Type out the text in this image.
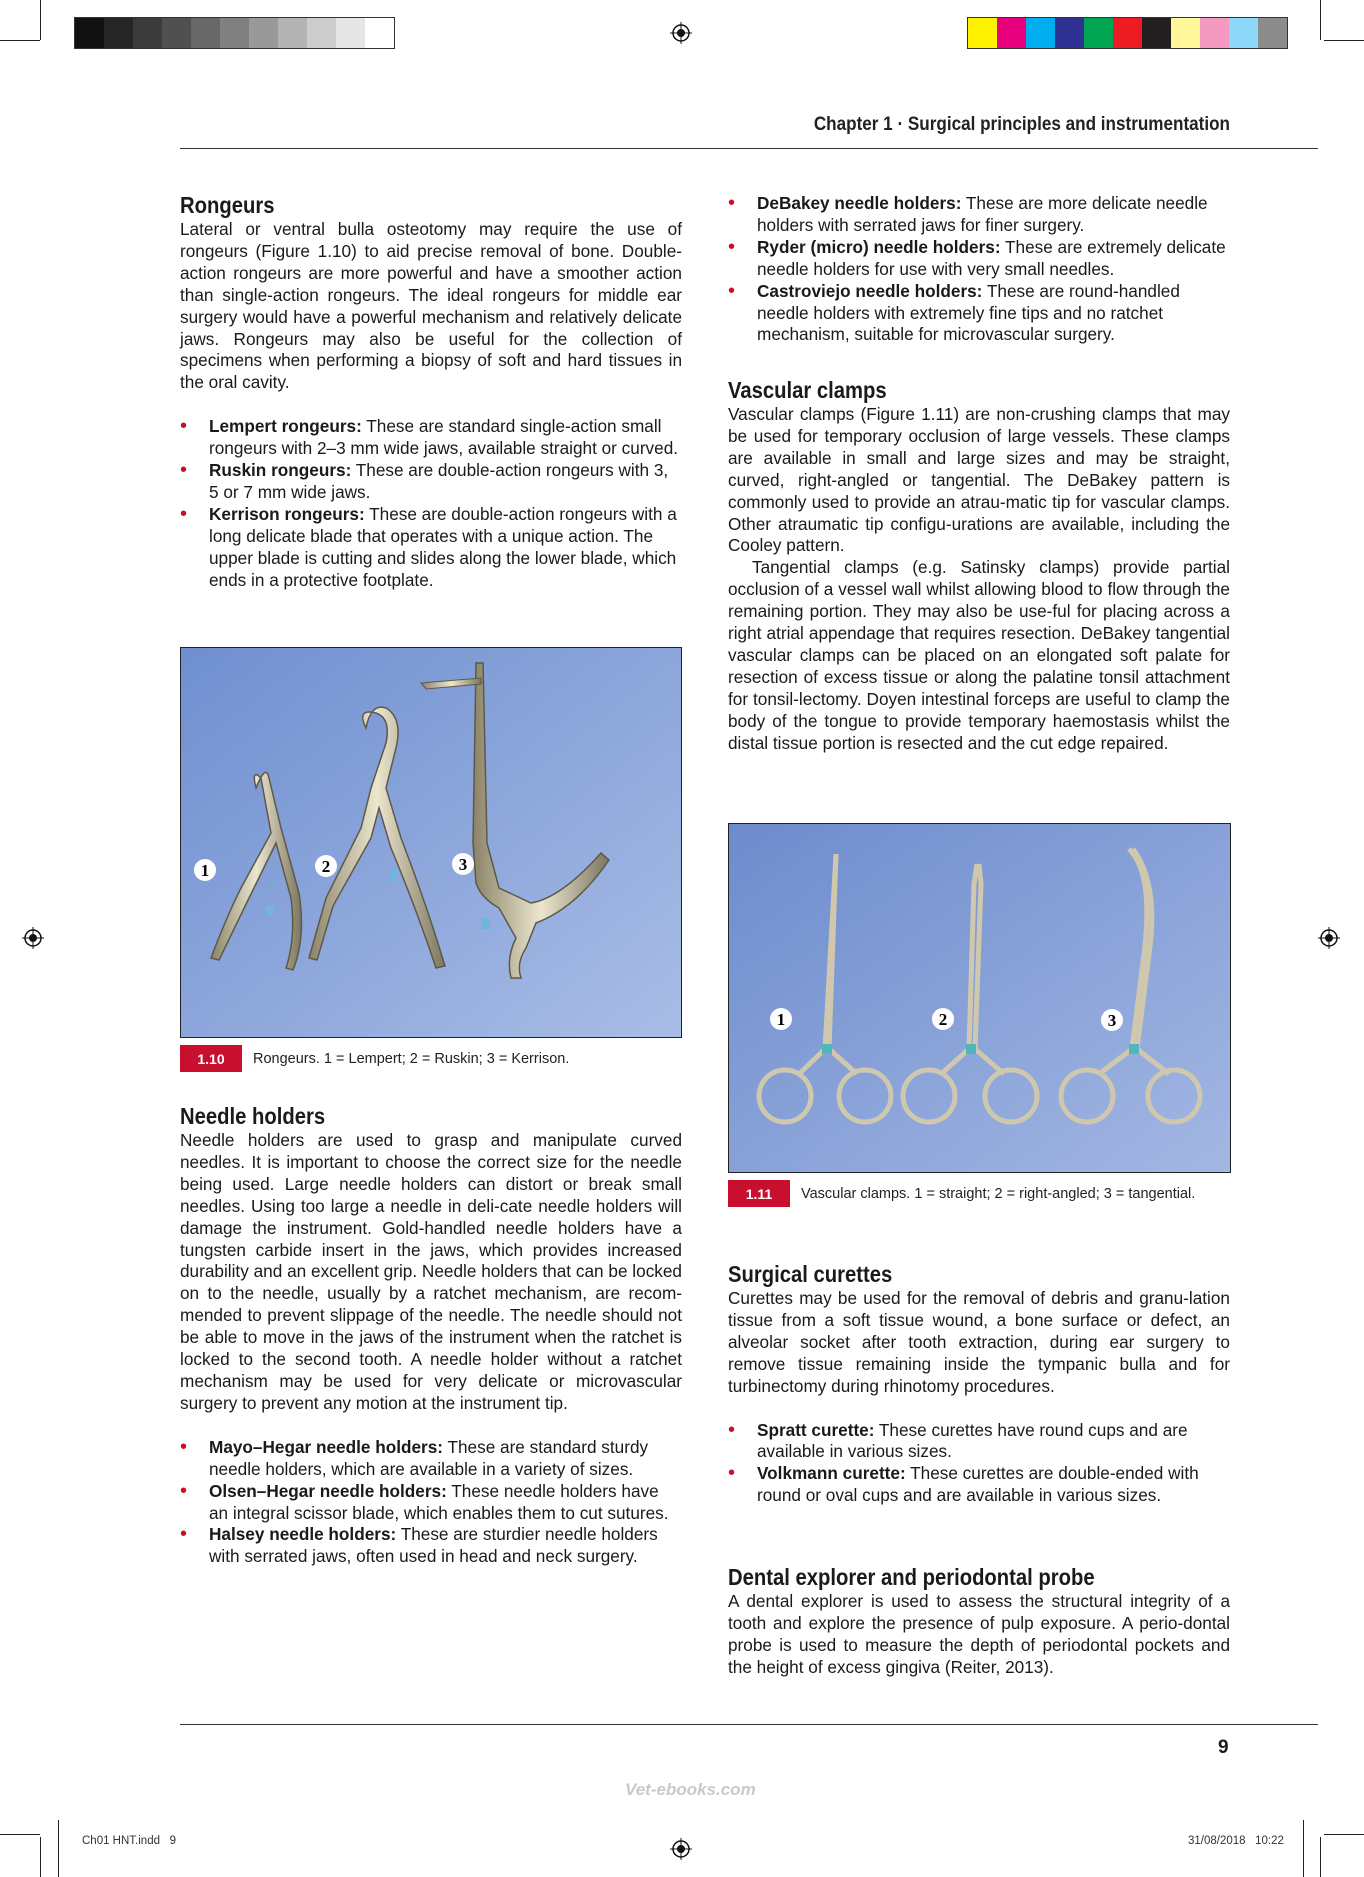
Chapter 1 · Surgical principles and instrumentation
Rongeurs

Lateral or ventral bulla osteotomy may require the use of rongeurs (Figure 1.10) to aid precise removal of bone. Double-action rongeurs are more powerful and have a smoother action than single-action rongeurs. The ideal rongeurs for middle ear surgery would have a powerful mechanism and relatively delicate jaws. Rongeurs may also be useful for the collection of specimens when performing a biopsy of soft and hard tissues in the oral cavity.

• Lempert rongeurs: These are standard single-action small rongeurs with 2–3 mm wide jaws, available straight or curved.
• Ruskin rongeurs: These are double-action rongeurs with 3, 5 or 7 mm wide jaws.
• Kerrison rongeurs: These are double-action rongeurs with a long delicate blade that operates with a unique action. The upper blade is cutting and slides along the lower blade, which ends in a protective footplate.
1	2	3
1.10	Rongeurs. 1 = Lempert; 2 = Ruskin; 3 = Kerrison.
Needle holders

Needle holders are used to grasp and manipulate curved needles. It is important to choose the correct size for the needle being used. Large needle holders can distort or break small needles. Using too large a needle in deli-cate needle holders will damage the instrument. Gold-handled needle holders have a tungsten carbide insert in the jaws, which provides increased durability and an excellent grip. Needle holders that can be locked on to the needle, usually by a ratchet mechanism, are recom-mended to prevent slippage of the needle. The needle should not be able to move in the jaws of the instrument when the ratchet is locked to the second tooth. A needle holder without a ratchet mechanism may be used for very delicate or microvascular surgery to prevent any motion at the instrument tip.

• Mayo–Hegar needle holders: These are standard sturdy needle holders, which are available in a variety of sizes.
• Olsen–Hegar needle holders: These needle holders have an integral scissor blade, which enables them to cut sutures.
• Halsey needle holders: These are sturdier needle holders with serrated jaws, often used in head and neck surgery.
• DeBakey needle holders: These are more delicate needle holders with serrated jaws for finer surgery.
• Ryder (micro) needle holders: These are extremely delicate needle holders for use with very small needles.
• Castroviejo needle holders: These are round-handled needle holders with extremely fine tips and no ratchet mechanism, suitable for microvascular surgery.
Vascular clamps

Vascular clamps (Figure 1.11) are non-crushing clamps that may be used for temporary occlusion of large vessels. These clamps are available in small and large sizes and may be straight, curved, right-angled or tangential. The DeBakey pattern is commonly used to provide an atrau-matic tip for vascular clamps. Other atraumatic tip configu-urations are available, including the Cooley pattern.

Tangential clamps (e.g. Satinsky clamps) provide partial occlusion of a vessel wall whilst allowing blood to flow through the remaining portion. They may also be use-ful for placing across a right atrial appendage that requires resection. DeBakey tangential vascular clamps can be placed on an elongated soft palate for resection of excess tissue or along the palatine tonsil attachment for tonsil-lectomy. Doyen intestinal forceps are useful to clamp the body of the tongue to provide temporary haemostasis whilst the distal tissue portion is resected and the cut edge repaired.

1	2	3
1.11	Vascular clamps. 1 = straight; 2 = right-angled; 3 = tangential.
Surgical curettes

Curettes may be used for the removal of debris and granu-lation tissue from a soft tissue wound, a bone surface or defect, an alveolar socket after tooth extraction, during ear surgery to remove tissue remaining inside the tympanic bulla and for turbinectomy during rhinotomy procedures.

• Spratt curette: These curettes have round cups and are available in various sizes.
• Volkmann curette: These curettes are double-ended with round or oval cups and are available in various sizes.
Dental explorer and periodontal probe

A dental explorer is used to assess the structural integrity of a tooth and explore the presence of pulp exposure. A perio-dontal probe is used to measure the depth of periodontal pockets and the height of excess gingiva (Reiter, 2013).

9
Vet-ebooks.com
Ch01 HNT.indd   9	31/08/2018   10:22
